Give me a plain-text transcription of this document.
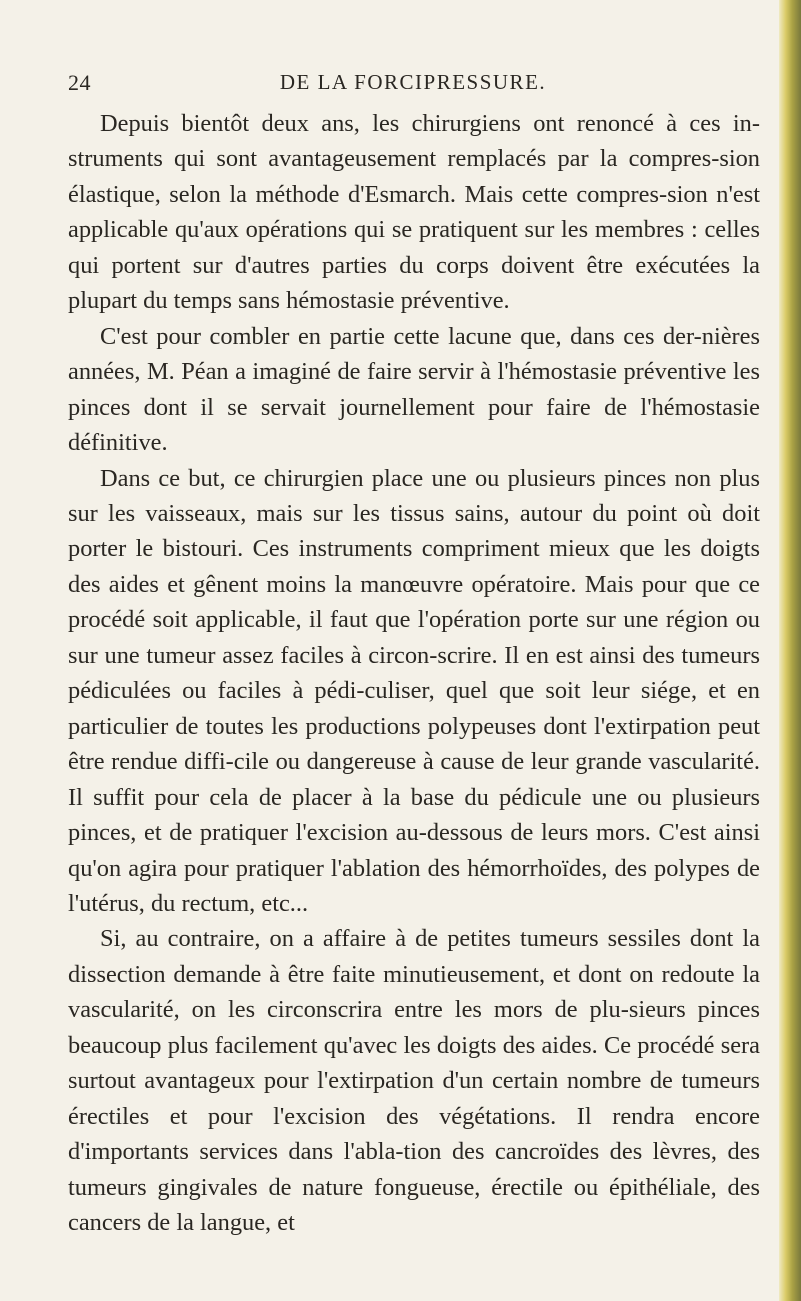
24	DE LA FORCIPRESSURE.

Depuis bientôt deux ans, les chirurgiens ont renoncé à ces in-struments qui sont avantageusement remplacés par la compres-sion élastique, selon la méthode d'Esmarch. Mais cette compres-sion n'est applicable qu'aux opérations qui se pratiquent sur les membres : celles qui portent sur d'autres parties du corps doivent être exécutées la plupart du temps sans hémostasie préventive.

C'est pour combler en partie cette lacune que, dans ces der-nières années, M. Péan a imaginé de faire servir à l'hémostasie préventive les pinces dont il se servait journellement pour faire de l'hémostasie définitive.

Dans ce but, ce chirurgien place une ou plusieurs pinces non plus sur les vaisseaux, mais sur les tissus sains, autour du point où doit porter le bistouri. Ces instruments compriment mieux que les doigts des aides et gênent moins la manœuvre opératoire. Mais pour que ce procédé soit applicable, il faut que l'opération porte sur une région ou sur une tumeur assez faciles à circon-scrire. Il en est ainsi des tumeurs pédiculées ou faciles à pédi-culiser, quel que soit leur siége, et en particulier de toutes les productions polypeuses dont l'extirpation peut être rendue diffi-cile ou dangereuse à cause de leur grande vascularité. Il suffit pour cela de placer à la base du pédicule une ou plusieurs pinces, et de pratiquer l'excision au-dessous de leurs mors. C'est ainsi qu'on agira pour pratiquer l'ablation des hémorrhoïdes, des polypes de l'utérus, du rectum, etc...

Si, au contraire, on a affaire à de petites tumeurs sessiles dont la dissection demande à être faite minutieusement, et dont on redoute la vascularité, on les circonscrira entre les mors de plu-sieurs pinces beaucoup plus facilement qu'avec les doigts des aides. Ce procédé sera surtout avantageux pour l'extirpation d'un certain nombre de tumeurs érectiles et pour l'excision des végétations. Il rendra encore d'importants services dans l'abla-tion des cancroïdes des lèvres, des tumeurs gingivales de nature fongueuse, érectile ou épithéliale, des cancers de la langue, et
